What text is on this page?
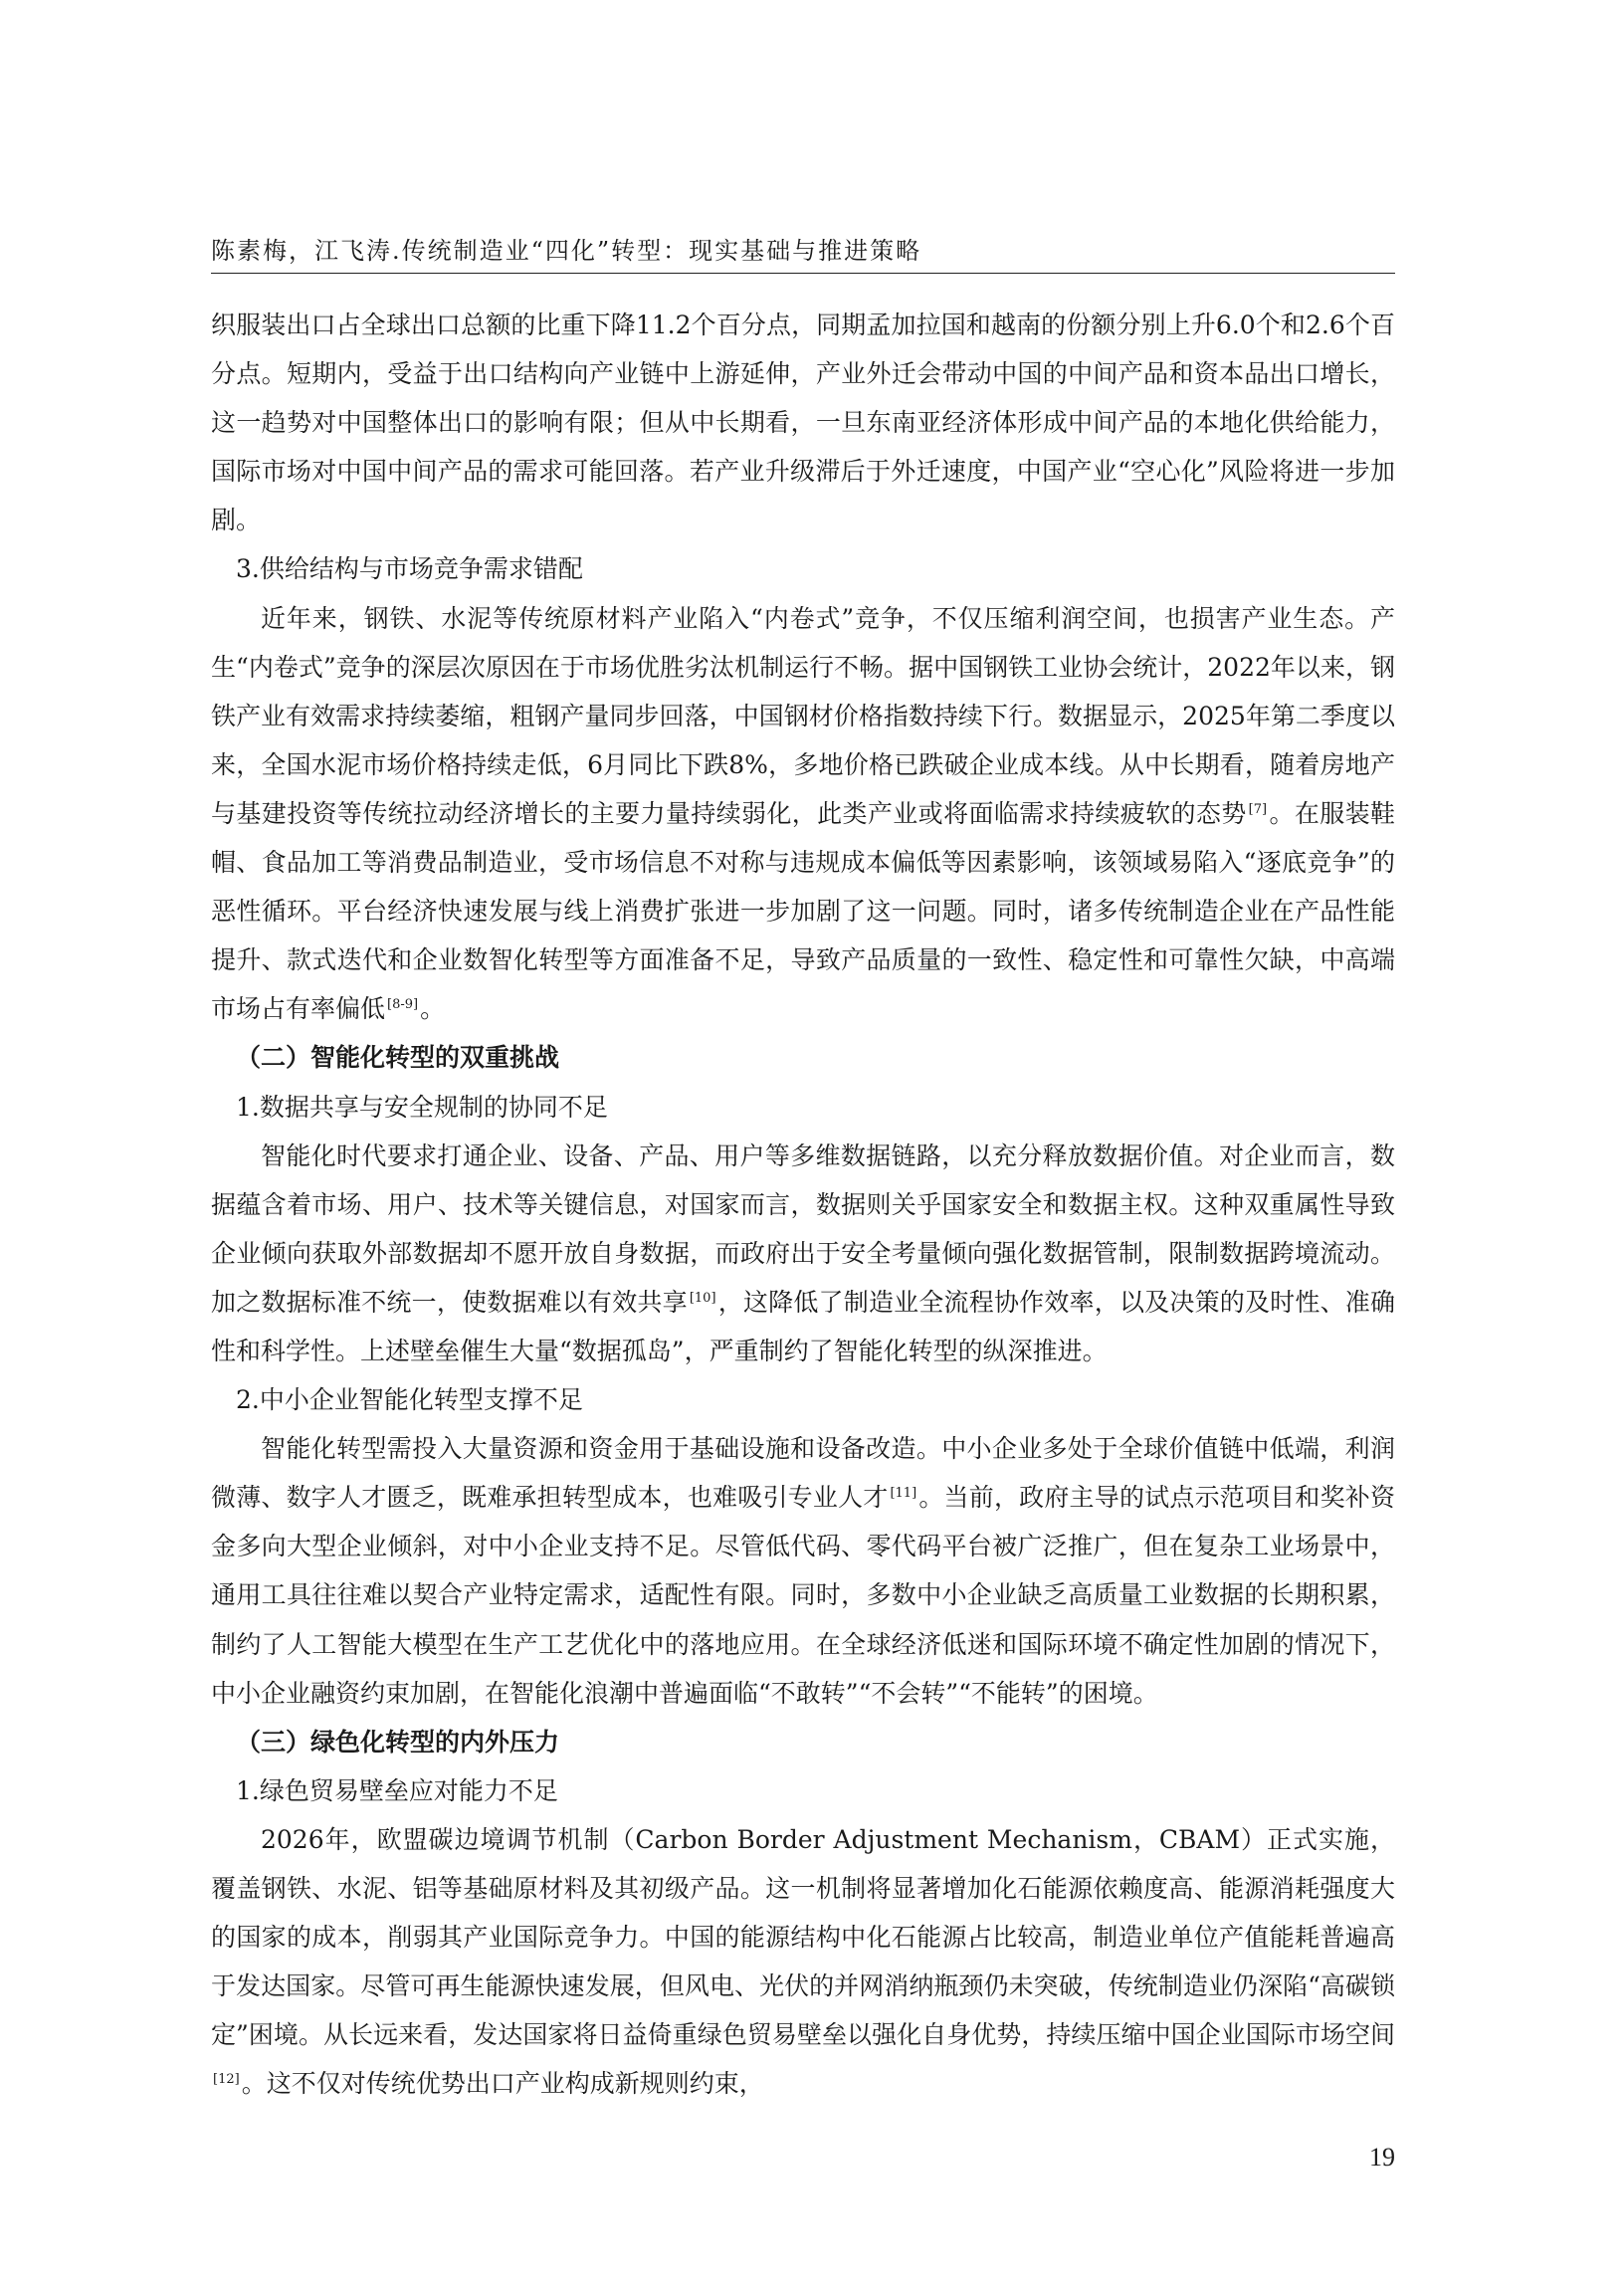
陈素梅，江飞涛.传统制造业“四化”转型：现实基础与推进策略

织服装出口占全球出口总额的比重下降11.2个百分点，同期孟加拉国和越南的份额分别上升6.0个和2.6个百分点。短期内，受益于出口结构向产业链中上游延伸，产业外迁会带动中国的中间产品和资本品出口增长，这一趋势对中国整体出口的影响有限；但从中长期看，一旦东南亚经济体形成中间产品的本地化供给能力，国际市场对中国中间产品的需求可能回落。若产业升级滞后于外迁速度，中国产业“空心化”风险将进一步加剧。

3.供给结构与市场竞争需求错配

近年来，钢铁、水泥等传统原材料产业陷入“内卷式”竞争，不仅压缩利润空间，也损害产业生态。产生“内卷式”竞争的深层次原因在于市场优胜劣汰机制运行不畅。据中国钢铁工业协会统计，2022年以来，钢铁产业有效需求持续萎缩，粗钢产量同步回落，中国钢材价格指数持续下行。数据显示，2025年第二季度以来，全国水泥市场价格持续走低，6月同比下跌8%，多地价格已跌破企业成本线。从中长期看，随着房地产与基建投资等传统拉动经济增长的主要力量持续弱化，此类产业或将面临需求持续疲软的态势 [7]。在服装鞋帽、食品加工等消费品制造业，受市场信息不对称与违规成本偏低等因素影响，该领域易陷入“逐底竞争”的恶性循环。平台经济快速发展与线上消费扩张进一步加剧了这一问题。同时，诸多传统制造企业在产品性能提升、款式迭代和企业数智化转型等方面准备不足，导致产品质量的一致性、稳定性和可靠性欠缺，中高端市场占有率偏低 [8-9]。

（二）智能化转型的双重挑战

1.数据共享与安全规制的协同不足

智能化时代要求打通企业、设备、产品、用户等多维数据链路，以充分释放数据价值。对企业而言，数据蕴含着市场、用户、技术等关键信息，对国家而言，数据则关乎国家安全和数据主权。这种双重属性导致企业倾向获取外部数据却不愿开放自身数据，而政府出于安全考量倾向强化数据管制，限制数据跨境流动。加之数据标准不统一，使数据难以有效共享 [10]，这降低了制造业全流程协作效率，以及决策的及时性、准确性和科学性。上述壁垒催生大量“数据孤岛”，严重制约了智能化转型的纵深推进。

2.中小企业智能化转型支撑不足

智能化转型需投入大量资源和资金用于基础设施和设备改造。中小企业多处于全球价值链中低端，利润微薄、数字人才匮乏，既难承担转型成本，也难吸引专业人才 [11]。当前，政府主导的试点示范项目和奖补资金多向大型企业倾斜，对中小企业支持不足。尽管低代码、零代码平台被广泛推广，但在复杂工业场景中，通用工具往往难以契合产业特定需求，适配性有限。同时，多数中小企业缺乏高质量工业数据的长期积累，制约了人工智能大模型在生产工艺优化中的落地应用。在全球经济低迷和国际环境不确定性加剧的情况下，中小企业融资约束加剧，在智能化浪潮中普遍面临“不敢转”“不会转”“不能转”的困境。

（三）绿色化转型的内外压力

1.绿色贸易壁垒应对能力不足

2026年，欧盟碳边境调节机制（Carbon Border Adjustment Mechanism，CBAM）正式实施，覆盖钢铁、水泥、铝等基础原材料及其初级产品。这一机制将显著增加化石能源依赖度高、能源消耗强度大的国家的成本，削弱其产业国际竞争力。中国的能源结构中化石能源占比较高，制造业单位产值能耗普遍高于发达国家。尽管可再生能源快速发展，但风电、光伏的并网消纳瓶颈仍未突破，传统制造业仍深陷“高碳锁定”困境。从长远来看，发达国家将日益倚重绿色贸易壁垒以强化自身优势，持续压缩中国企业国际市场空间[12]。这不仅对传统优势出口产业构成新规则约束，

19
